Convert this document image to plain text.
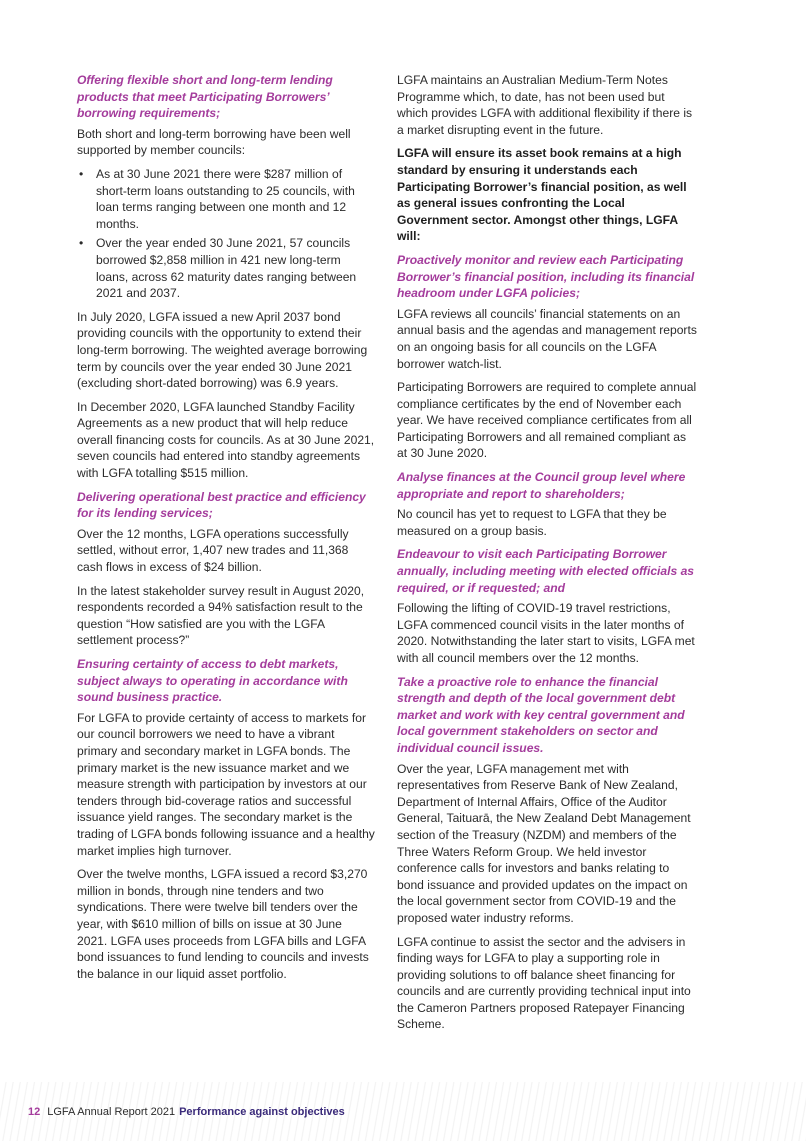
Offering flexible short and long-term lending products that meet Participating Borrowers’ borrowing requirements;

Both short and long-term borrowing have been well supported by member councils:

• As at 30 June 2021 there were $287 million of short-term loans outstanding to 25 councils, with loan terms ranging between one month and 12 months.
• Over the year ended 30 June 2021, 57 councils borrowed $2,858 million in 421 new long-term loans, across 62 maturity dates ranging between 2021 and 2037.

In July 2020, LGFA issued a new April 2037 bond providing councils with the opportunity to extend their long-term borrowing. The weighted average borrowing term by councils over the year ended 30 June 2021 (excluding short-dated borrowing) was 6.9 years.

In December 2020, LGFA launched Standby Facility Agreements as a new product that will help reduce overall financing costs for councils. As at 30 June 2021, seven councils had entered into standby agreements with LGFA totalling $515 million.

Delivering operational best practice and efficiency for its lending services;

Over the 12 months, LGFA operations successfully settled, without error, 1,407 new trades and 11,368 cash flows in excess of $24 billion.

In the latest stakeholder survey result in August 2020, respondents recorded a 94% satisfaction result to the question “How satisfied are you with the LGFA settlement process?”

Ensuring certainty of access to debt markets, subject always to operating in accordance with sound business practice.

For LGFA to provide certainty of access to markets for our council borrowers we need to have a vibrant primary and secondary market in LGFA bonds. The primary market is the new issuance market and we measure strength with participation by investors at our tenders through bid-coverage ratios and successful issuance yield ranges. The secondary market is the trading of LGFA bonds following issuance and a healthy market implies high turnover.

Over the twelve months, LGFA issued a record $3,270 million in bonds, through nine tenders and two syndications. There were twelve bill tenders over the year, with $610 million of bills on issue at 30 June 2021. LGFA uses proceeds from LGFA bills and LGFA bond issuances to fund lending to councils and invests the balance in our liquid asset portfolio.

LGFA maintains an Australian Medium-Term Notes Programme which, to date, has not been used but which provides LGFA with additional flexibility if there is a market disrupting event in the future.

LGFA will ensure its asset book remains at a high standard by ensuring it understands each Participating Borrower’s financial position, as well as general issues confronting the Local Government sector. Amongst other things, LGFA will:

Proactively monitor and review each Participating Borrower’s financial position, including its financial headroom under LGFA policies;

LGFA reviews all councils’ financial statements on an annual basis and the agendas and management reports on an ongoing basis for all councils on the LGFA borrower watch-list.

Participating Borrowers are required to complete annual compliance certificates by the end of November each year. We have received compliance certificates from all Participating Borrowers and all remained compliant as at 30 June 2020.

Analyse finances at the Council group level where appropriate and report to shareholders;

No council has yet to request to LGFA that they be measured on a group basis.

Endeavour to visit each Participating Borrower annually, including meeting with elected officials as required, or if requested; and

Following the lifting of COVID-19 travel restrictions, LGFA commenced council visits in the later months of 2020. Notwithstanding the later start to visits, LGFA met with all council members over the 12 months.

Take a proactive role to enhance the financial strength and depth of the local government debt market and work with key central government and local government stakeholders on sector and individual council issues.

Over the year, LGFA management met with representatives from Reserve Bank of New Zealand, Department of Internal Affairs, Office of the Auditor General, Taituarā, the New Zealand Debt Management section of the Treasury (NZDM) and members of the Three Waters Reform Group. We held investor conference calls for investors and banks relating to bond issuance and provided updates on the impact on the local government sector from COVID-19 and the proposed water industry reforms.

LGFA continue to assist the sector and the advisers in finding ways for LGFA to play a supporting role in providing solutions to off balance sheet financing for councils and are currently providing technical input into the Cameron Partners proposed Ratepayer Financing Scheme.

12 LGFA Annual Report 2021 Performance against objectives
